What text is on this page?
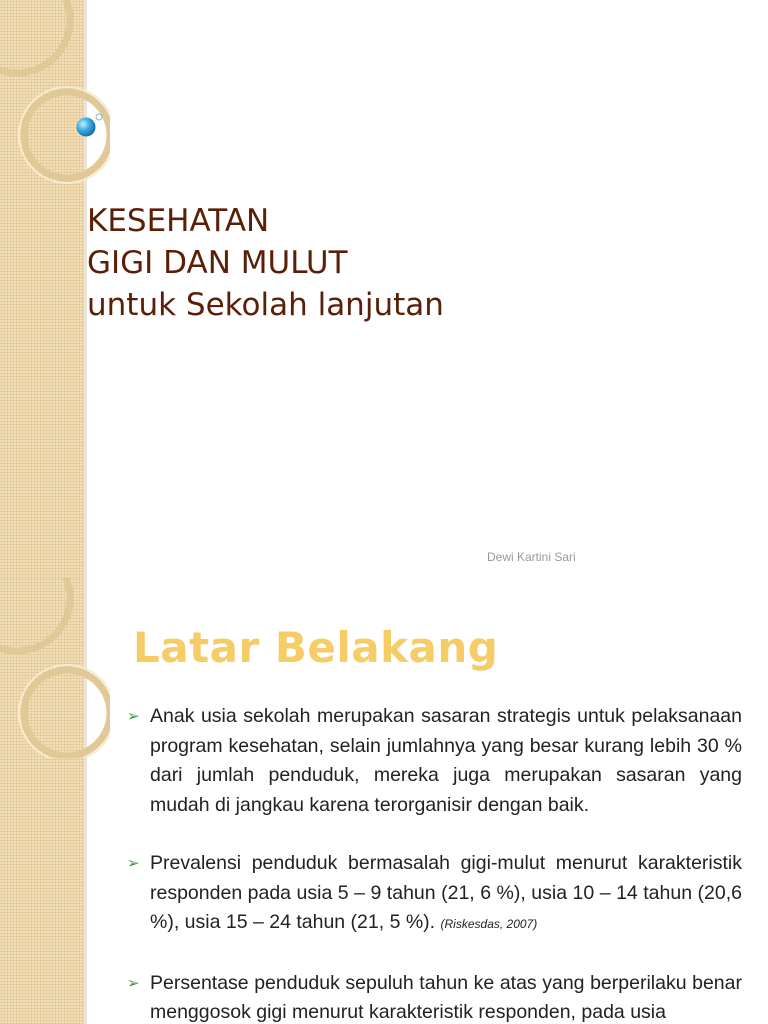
KESEHATAN
GIGI DAN MULUT
untuk Sekolah lanjutan
Dewi Kartini Sari
Latar Belakang
➢ Anak usia sekolah merupakan sasaran strategis untuk pelaksanaan program kesehatan, selain jumlahnya yang besar kurang lebih 30 % dari jumlah penduduk, mereka juga merupakan sasaran yang mudah di jangkau karena terorganisir dengan baik.
➢ Prevalensi penduduk bermasalah gigi-mulut menurut karakteristik responden pada usia 5 – 9 tahun (21, 6 %), usia 10 – 14 tahun (20,6 %), usia 15 – 24 tahun (21, 5 %). (Riskesdas, 2007)
➢ Persentase penduduk sepuluh tahun ke atas yang berperilaku benar menggosok gigi menurut karakteristik responden, pada usia
